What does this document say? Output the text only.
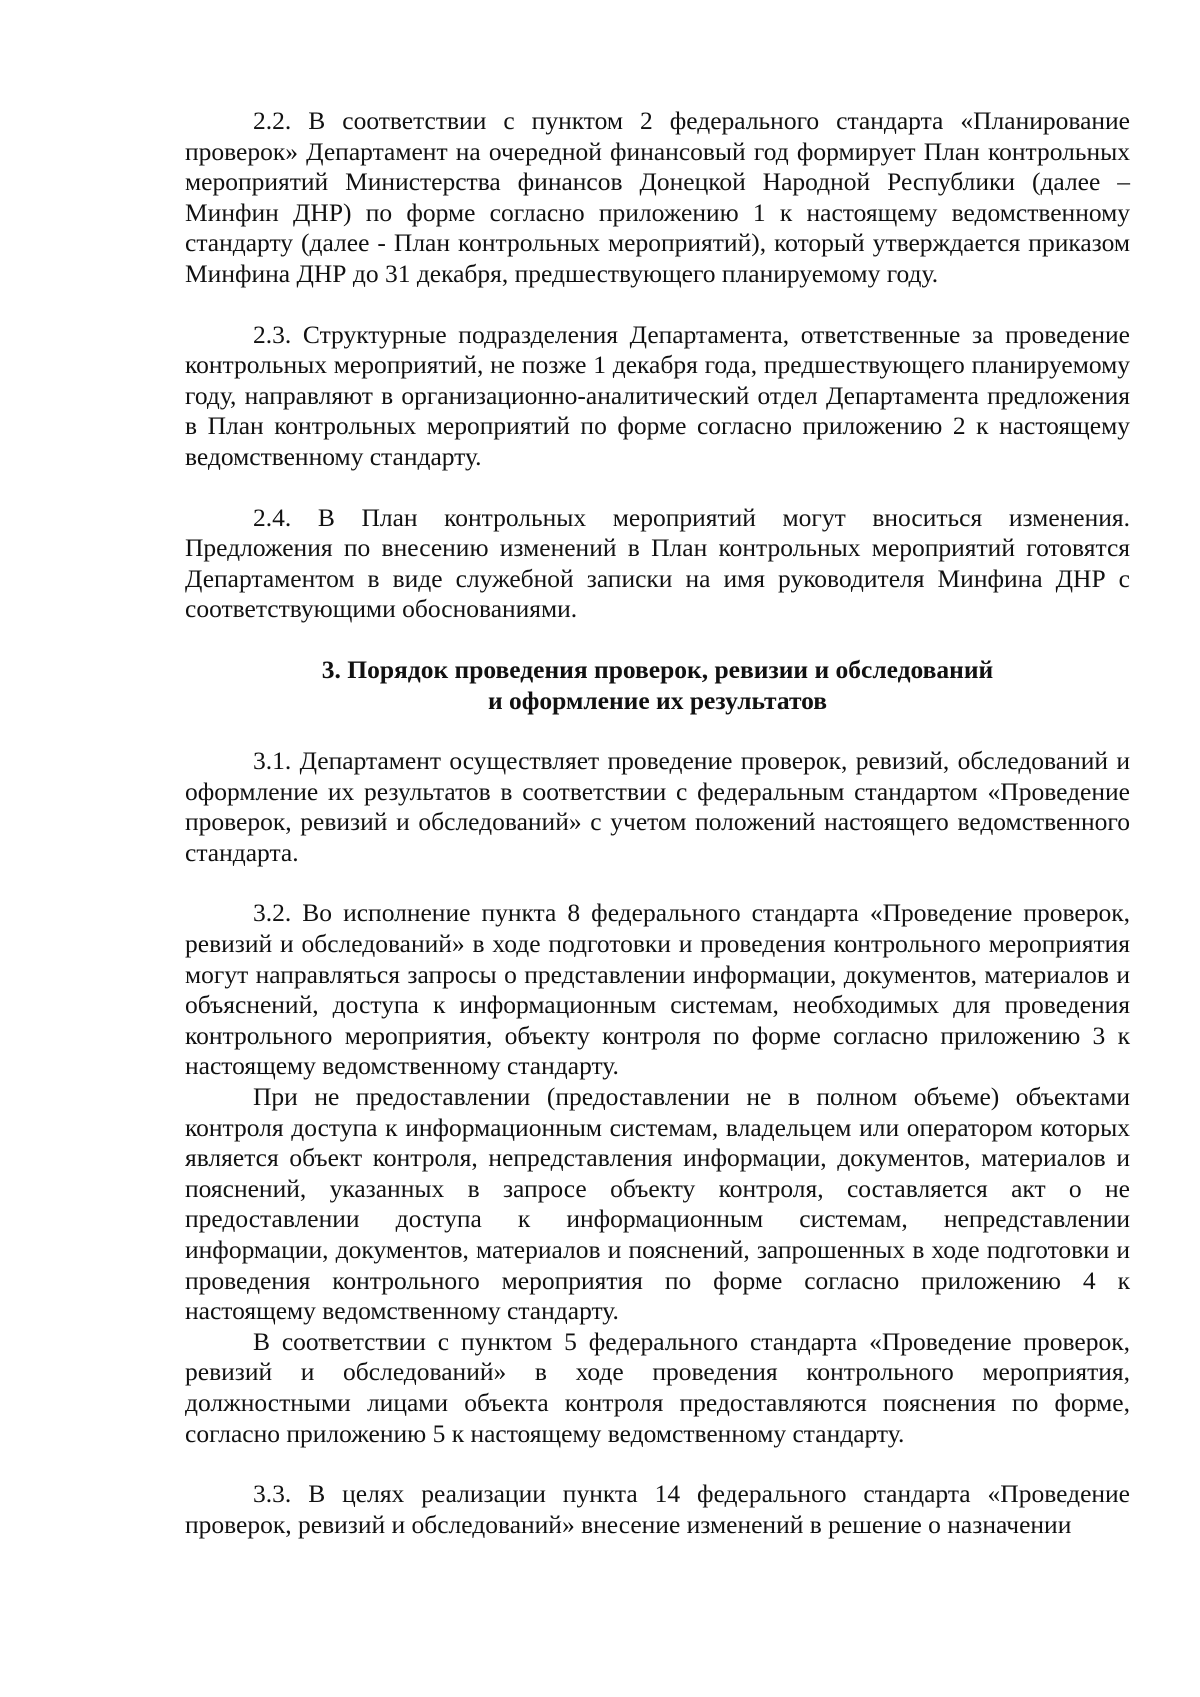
2.2. В соответствии с пунктом 2 федерального стандарта «Планирование проверок» Департамент на очередной финансовый год формирует План контрольных мероприятий Министерства финансов Донецкой Народной Республики (далее – Минфин ДНР) по форме согласно приложению 1 к настоящему ведомственному стандарту (далее - План контрольных мероприятий), который утверждается приказом Минфина ДНР до 31 декабря, предшествующего планируемому году.

2.3. Структурные подразделения Департамента, ответственные за проведение контрольных мероприятий, не позже 1 декабря года, предшествующего планируемому году, направляют в организационно-аналитический отдел Департамента предложения в План контрольных мероприятий по форме согласно приложению 2 к настоящему ведомственному стандарту.

2.4. В План контрольных мероприятий могут вноситься изменения. Предложения по внесению изменений в План контрольных мероприятий готовятся Департаментом в виде служебной записки на имя руководителя Минфина ДНР с соответствующими обоснованиями.

3. Порядок проведения проверок, ревизии и обследований
и оформление их результатов

3.1. Департамент осуществляет проведение проверок, ревизий, обследований и оформление их результатов в соответствии с федеральным стандартом «Проведение проверок, ревизий и обследований» с учетом положений настоящего ведомственного стандарта.

3.2. Во исполнение пункта 8 федерального стандарта «Проведение проверок, ревизий и обследований» в ходе подготовки и проведения контрольного мероприятия могут направляться запросы о представлении информации, документов, материалов и объяснений, доступа к информационным системам, необходимых для проведения контрольного мероприятия, объекту контроля по форме согласно приложению 3 к настоящему ведомственному стандарту.

При не предоставлении (предоставлении не в полном объеме) объектами контроля доступа к информационным системам, владельцем или оператором которых является объект контроля, непредставления информации, документов, материалов и пояснений, указанных в запросе объекту контроля, составляется акт о не предоставлении доступа к информационным системам, непредставлении информации, документов, материалов и пояснений, запрошенных в ходе подготовки и проведения контрольного мероприятия по форме согласно приложению 4 к настоящему ведомственному стандарту.

В соответствии с пунктом 5 федерального стандарта «Проведение проверок, ревизий и обследований» в ходе проведения контрольного мероприятия, должностными лицами объекта контроля предоставляются пояснения по форме, согласно приложению 5 к настоящему ведомственному стандарту.

3.3. В целях реализации пункта 14 федерального стандарта «Проведение проверок, ревизий и обследований» внесение изменений в решение о назначении
